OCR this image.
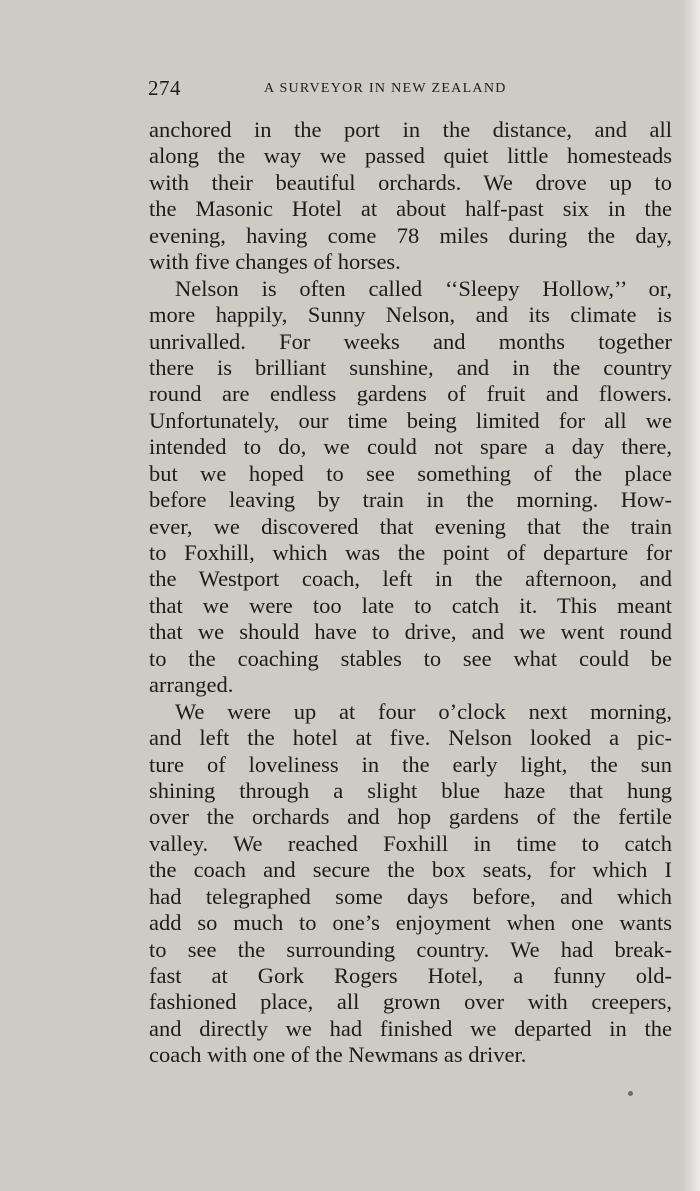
274	A SURVEYOR IN NEW ZEALAND
anchored in the port in the distance, and all
along the way we passed quiet little homesteads
with their beautiful orchards. We drove up to
the Masonic Hotel at about half-past six in the
evening, having come 78 miles during the day,
with five changes of horses.
Nelson is often called ‘‘Sleepy Hollow,’’ or,
more happily, Sunny Nelson, and its climate is
unrivalled. For weeks and months together
there is brilliant sunshine, and in the country
round are endless gardens of fruit and flowers.
Unfortunately, our time being limited for all we
intended to do, we could not spare a day there,
but we hoped to see something of the place
before leaving by train in the morning. How-
ever, we discovered that evening that the train
to Foxhill, which was the point of departure for
the Westport coach, left in the afternoon, and
that we were too late to catch it. This meant
that we should have to drive, and we went round
to the coaching stables to see what could be
arranged.
We were up at four o’clock next morning,
and left the hotel at five. Nelson looked a pic-
ture of loveliness in the early light, the sun
shining through a slight blue haze that hung
over the orchards and hop gardens of the fertile
valley. We reached Foxhill in time to catch
the coach and secure the box seats, for which I
had telegraphed some days before, and which
add so much to one’s enjoyment when one wants
to see the surrounding country. We had break-
fast at Gork Rogers Hotel, a funny old-
fashioned place, all grown over with creepers,
and directly we had finished we departed in the
coach with one of the Newmans as driver.
